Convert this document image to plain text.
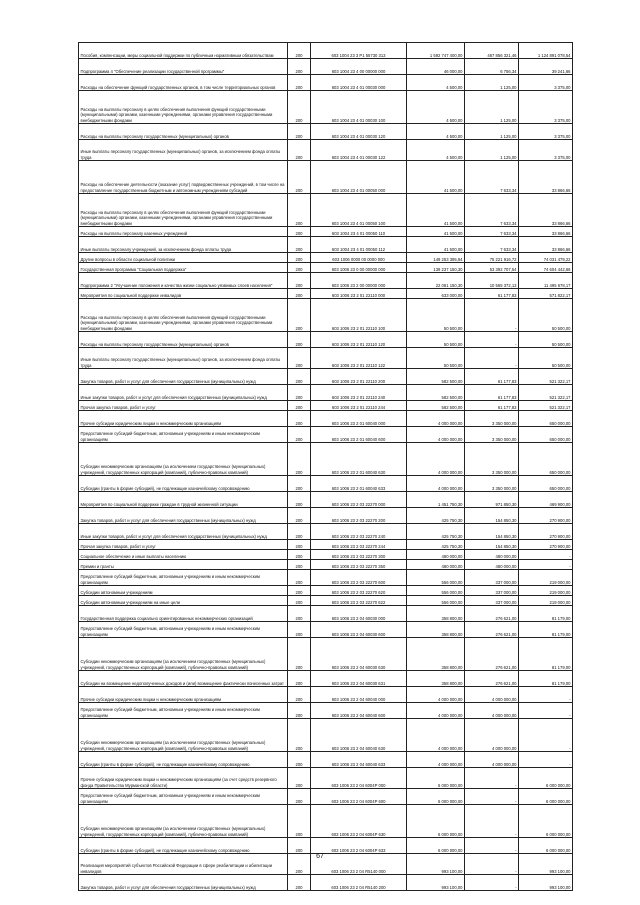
Пособия, компенсации, меры социальной поддержки по публичным нормативным обязательствам	200	603 1004 23 3 P1 55730 313	1 592 747 400,00	467 856 321,46	1 124 891 078,54
Подпрограмма 4 "Обеспечение реализации государственной программы"	200	603 1004 23 4 00 00000 000	46 000,00	6 756,34	39 241,66
Расходы на обеспечение функций государственных органов, в том числе территориальных органов	200	603 1004 23 4 01 00030 000	4 500,00	1 125,00	3 375,00
Расходы на выплаты персоналу в целях обеспечения выполнения функций государственными (муниципальными) органами, казенными учреждениями, органами управления государственными внебюджетными фондами	200	603 1004 23 4 01 00030 100	4 500,00	1 125,00	3 375,00
Расходы на выплаты персоналу государственных (муниципальных) органов	200	603 1004 23 4 01 00030 120	4 500,00	1 125,00	3 375,00
Иные выплаты персоналу государственных (муниципальных) органов, за исключением фонда оплаты труда	200	603 1004 23 4 01 00030 122	4 500,00	1 125,00	3 375,00
Расходы на обеспечение деятельности (оказание услуг) подведомственных учреждений, в том числе на предоставление государственным бюджетным и автономным учреждениям субсидий	200	603 1004 23 4 01 00050 000	41 500,00	7 633,34	33 866,66
Расходы на выплаты персоналу в целях обеспечения выполнения функций государственными (муниципальными) органами, казенными учреждениями, органами управления государственными внебюджетными фондами	200	603 1004 23 4 01 00050 100	41 500,00	7 633,34	33 866,66
Расходы на выплаты персоналу казенных учреждений	200	603 1004 23 4 01 00050 110	41 500,00	7 633,34	33 866,66
Иные выплаты персоналу учреждений, за исключением фонда оплаты труда	200	603 1004 23 4 01 00050 112	41 500,00	7 633,34	33 866,66
Другие вопросы в области социальной политики	200	603 1006 0000 00 0000 000	149 253 395,94	75 221 916,72	74 031 479,22
Государственная программа "Социальная поддержка"	200	603 1006 23 0 00 00000 000	139 237 150,30	53 392 707,54	74 604 442,66
Подпрограмма 2 "Улучшение положения и качества жизни социально уязвимых слоев населения"	200	603 1006 23 2 00 00000 000	22 061 150,30	10 565 372,13	11 495 678,17
Мероприятия по социальной поддержке инвалидов	200	603 1006 23 2 01 22110 000	633 000,00	61 177,83	571 822,17
Расходы на выплаты персоналу в целях обеспечения выполнения функций государственными (муниципальными) органами, казенными учреждениями, органами управления государственными внебюджетными фондами	200	603 1006 23 2 01 22110 100	50 500,00	-	50 500,00
Расходы на выплаты персоналу государственных (муниципальных) органов	200	603 1006 23 2 01 22110 120	50 500,00	-	50 500,00
Иные выплаты персоналу государственных (муниципальных) органов, за исключением фонда оплаты труда	200	603 1006 23 2 01 22110 122	50 500,00	-	50 500,00
Закупка товаров, работ и услуг для обеспечения государственных (муниципальных) нужд	200	603 1006 23 2 01 22110 200	582 500,00	61 177,83	521 322,17
Иные закупки товаров, работ и услуг для обеспечения государственных (муниципальных) нужд	200	603 1006 23 2 01 22110 240	582 500,00	61 177,83	521 322,17
Прочая закупка товаров, работ и услуг	200	603 1006 23 2 01 22110 244	582 500,00	61 177,83	521 322,17
Прочие субсидии юридическим лицам и некоммерческим организациям	200	603 1006 23 2 01 60040 000	4 000 000,00	3 350 000,00	650 000,00
Предоставление субсидий бюджетным, автономным учреждениям и иным некоммерческим организациям	200	603 1006 23 2 01 60040 600	4 000 000,00	3 350 000,00	650 000,00
Субсидии некоммерческим организациям (за исключением государственных (муниципальных) учреждений, государственных корпораций (компаний), публично-правовых компаний)	200	603 1006 23 2 01 60040 630	4 000 000,00	3 350 000,00	650 000,00
Субсидии (гранты в форме субсидий), не подлежащие казначейскому сопровождению	200	603 1006 23 2 01 60040 633	4 000 000,00	3 350 000,00	650 000,00
Мероприятия по социальной поддержке граждан в трудной жизненной ситуации	200	603 1006 23 2 03 22270 000	1 451 750,30	971 850,30	469 900,00
Закупка товаров, работ и услуг для обеспечения государственных (муниципальных) нужд	200	603 1006 23 2 03 22270 200	425 750,30	154 850,30	270 900,00
Иные закупки товаров, работ и услуг для обеспечения государственных (муниципальных) нужд	200	603 1006 23 2 03 22270 240	425 750,30	154 850,30	270 900,00
Прочая закупка товаров, работ и услуг	200	603 1006 23 2 03 22270 244	425 750,30	154 850,30	270 900,00
Социальное обеспечение и иные выплаты населению	200	603 1006 23 2 03 22270 300	480 000,00	480 000,00	-
Премии и гранты	200	603 1006 23 2 03 22270 350	480 000,00	480 000,00	-
Предоставление субсидий бюджетным, автономным учреждениям и иным некоммерческим организациям	200	603 1006 23 2 03 22270 600	556 000,00	337 000,00	219 000,00
Субсидии автономным учреждениям	200	603 1006 23 2 03 22270 620	556 000,00	337 000,00	219 000,00
Субсидии автономным учреждениям на иные цели	200	603 1006 23 2 03 22270 622	556 000,00	337 000,00	219 000,00
Государственная поддержка социально ориентированных некоммерческих организаций	200	603 1006 23 2 04 60030 000	358 800,00	276 621,00	81 179,00
Предоставление субсидий бюджетным, автономным учреждениям и иным некоммерческим организациям	200	603 1006 23 2 04 60030 600	358 800,00	276 621,00	81 179,00
Субсидии некоммерческим организациям (за исключением государственных (муниципальных) учреждений, государственных корпораций (компаний), публично-правовых компаний)	200	603 1006 23 2 04 60030 630	358 800,00	276 621,00	81 179,00
Субсидии на возмещение недополученных доходов и (или) возмещение фактически понесенных затрат	200	603 1006 23 2 04 60030 631	358 800,00	276 621,00	81 179,00
Прочие субсидии юридическим лицам и некоммерческим организациям	200	603 1006 23 2 04 60040 000	4 000 000,00	4 000 000,00	-
Предоставление субсидий бюджетным, автономным учреждениям и иным некоммерческим организациям	200	603 1006 23 2 04 60040 600	4 000 000,00	4 000 000,00	-
Субсидии некоммерческим организациям (за исключением государственных (муниципальных) учреждений, государственных корпораций (компаний), публично-правовых компаний)	200	603 1006 23 2 04 60040 630	4 000 000,00	4 000 000,00	-
Субсидии (гранты в форме субсидий), не подлежащие казначейскому сопровождению	200	603 1006 23 2 04 60040 633	4 000 000,00	4 000 000,00	-
Прочие субсидии юридическим лицам и некоммерческим организациям (за счет средств резервного фонда Правительства Мурманской области)	200	603 1006 23 2 04 6004Р 000	6 000 000,00	-	6 000 000,00
Предоставление субсидий бюджетным, автономным учреждениям и иным некоммерческим организациям	200	603 1006 23 2 04 6004Р 600	6 000 000,00	-	6 000 000,00
Субсидии некоммерческим организациям (за исключением государственных (муниципальных) учреждений, государственных корпораций (компаний), публично-правовых компаний)	200	603 1006 23 2 04 6004Р 630	6 000 000,00	-	6 000 000,00
Субсидии (гранты в форме субсидий), не подлежащие казначейскому сопровождению	200	603 1006 23 2 04 6004Р 633	6 000 000,00	-	6 000 000,00
Реализация мероприятий субъектов Российской Федерации в сфере реабилитации и абилитации инвалидов	200	603 1006 23 2 04 R5140 000	993 100,00	-	993 100,00
Закупка товаров, работ и услуг для обеспечения государственных (муниципальных) нужд	200	603 1006 23 2 04 R5140 200	993 100,00	-	993 100,00
67
